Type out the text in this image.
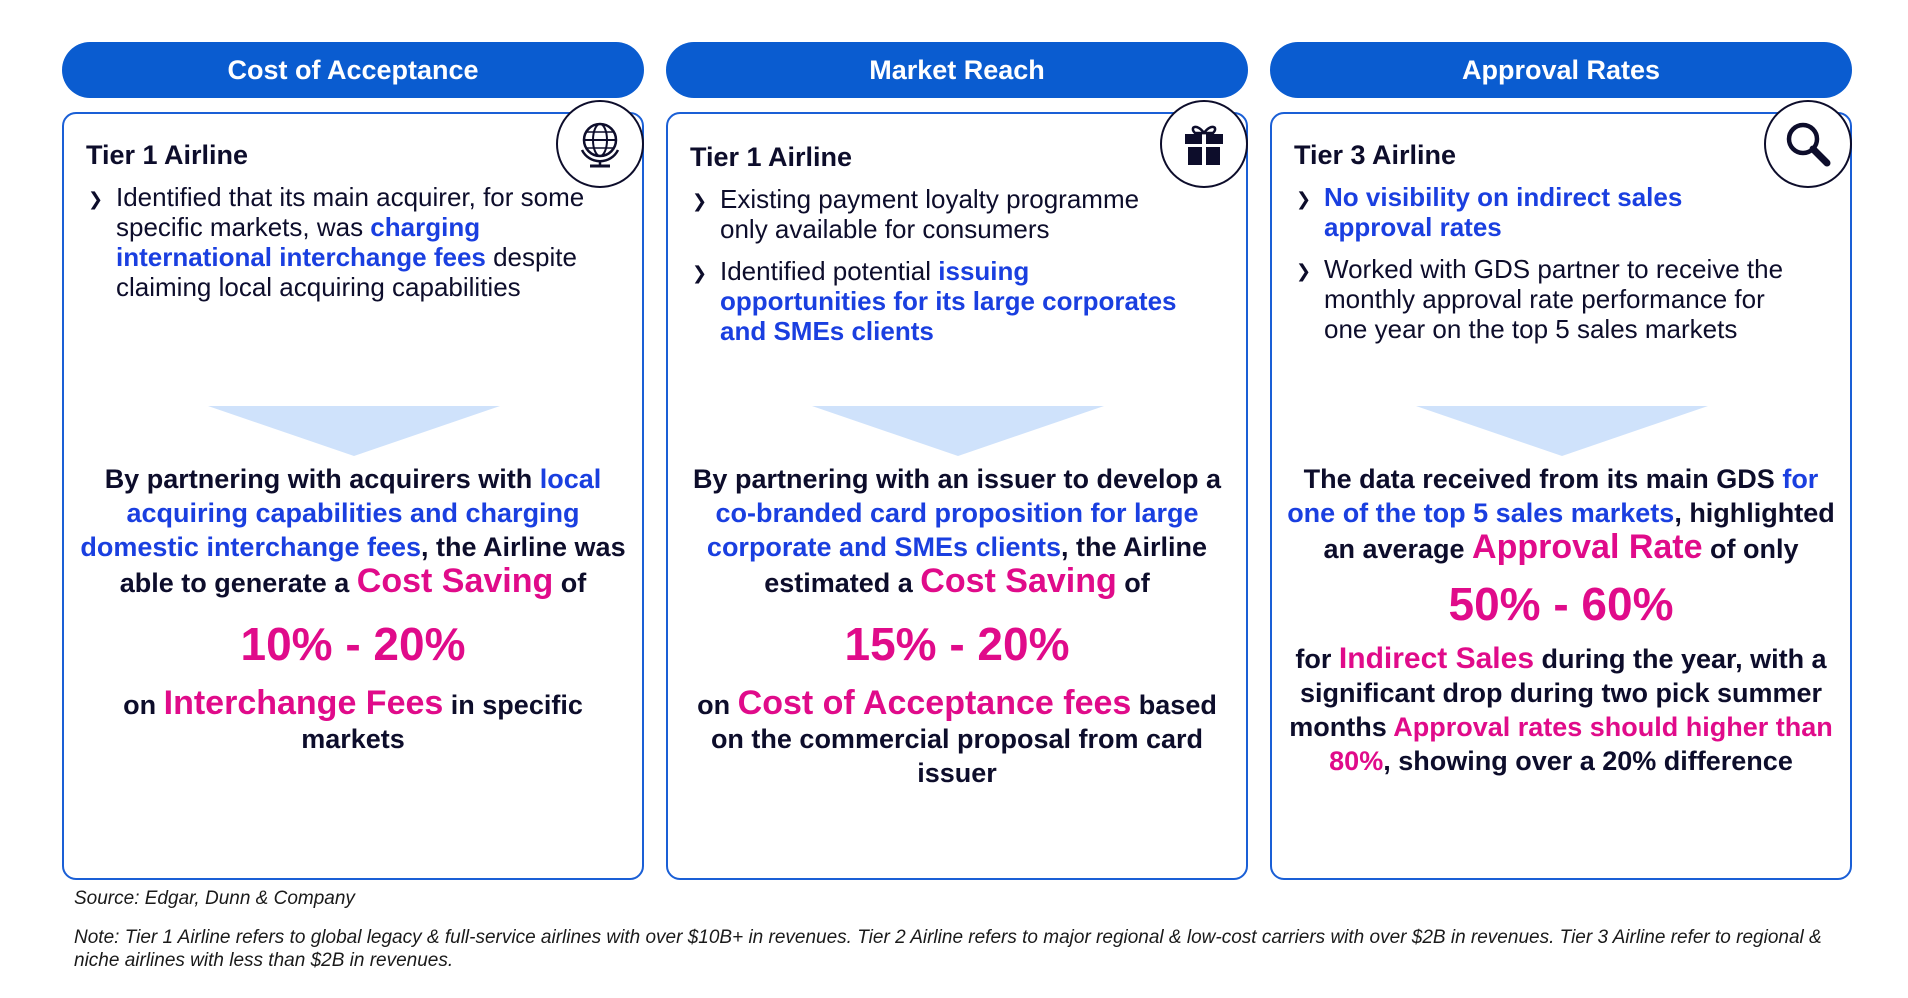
Cost of Acceptance
Tier 1 Airline
❯ Identified that its main acquirer, for some specific markets, was charging international interchange fees despite claiming local acquiring capabilities
By partnering with acquirers with local acquiring capabilities and charging domestic interchange fees, the Airline was able to generate a Cost Saving of
10% - 20%
on Interchange Fees in specific markets
Market Reach
Tier 1 Airline
❯ Existing payment loyalty programme only available for consumers
❯ Identified potential issuing opportunities for its large corporates and SMEs clients
By partnering with an issuer to develop a co-branded card proposition for large corporate and SMEs clients, the Airline estimated a Cost Saving of
15% - 20%
on Cost of Acceptance fees based on the commercial proposal from card issuer
Approval Rates
Tier 3 Airline
❯ No visibility on indirect sales approval rates
❯ Worked with GDS partner to receive the monthly approval rate performance for one year on the top 5 sales markets
The data received from its main GDS for one of the top 5 sales markets, highlighted an average Approval Rate of only
50% - 60%
for Indirect Sales during the year, with a significant drop during two pick summer months Approval rates should higher than 80%, showing over a 20% difference
Source: Edgar, Dunn & Company
Note: Tier 1 Airline refers to global legacy & full-service airlines with over $10B+ in revenues. Tier 2 Airline refers to major regional & low-cost carriers with over $2B in revenues. Tier 3 Airline refer to regional & niche airlines with less than $2B in revenues.
